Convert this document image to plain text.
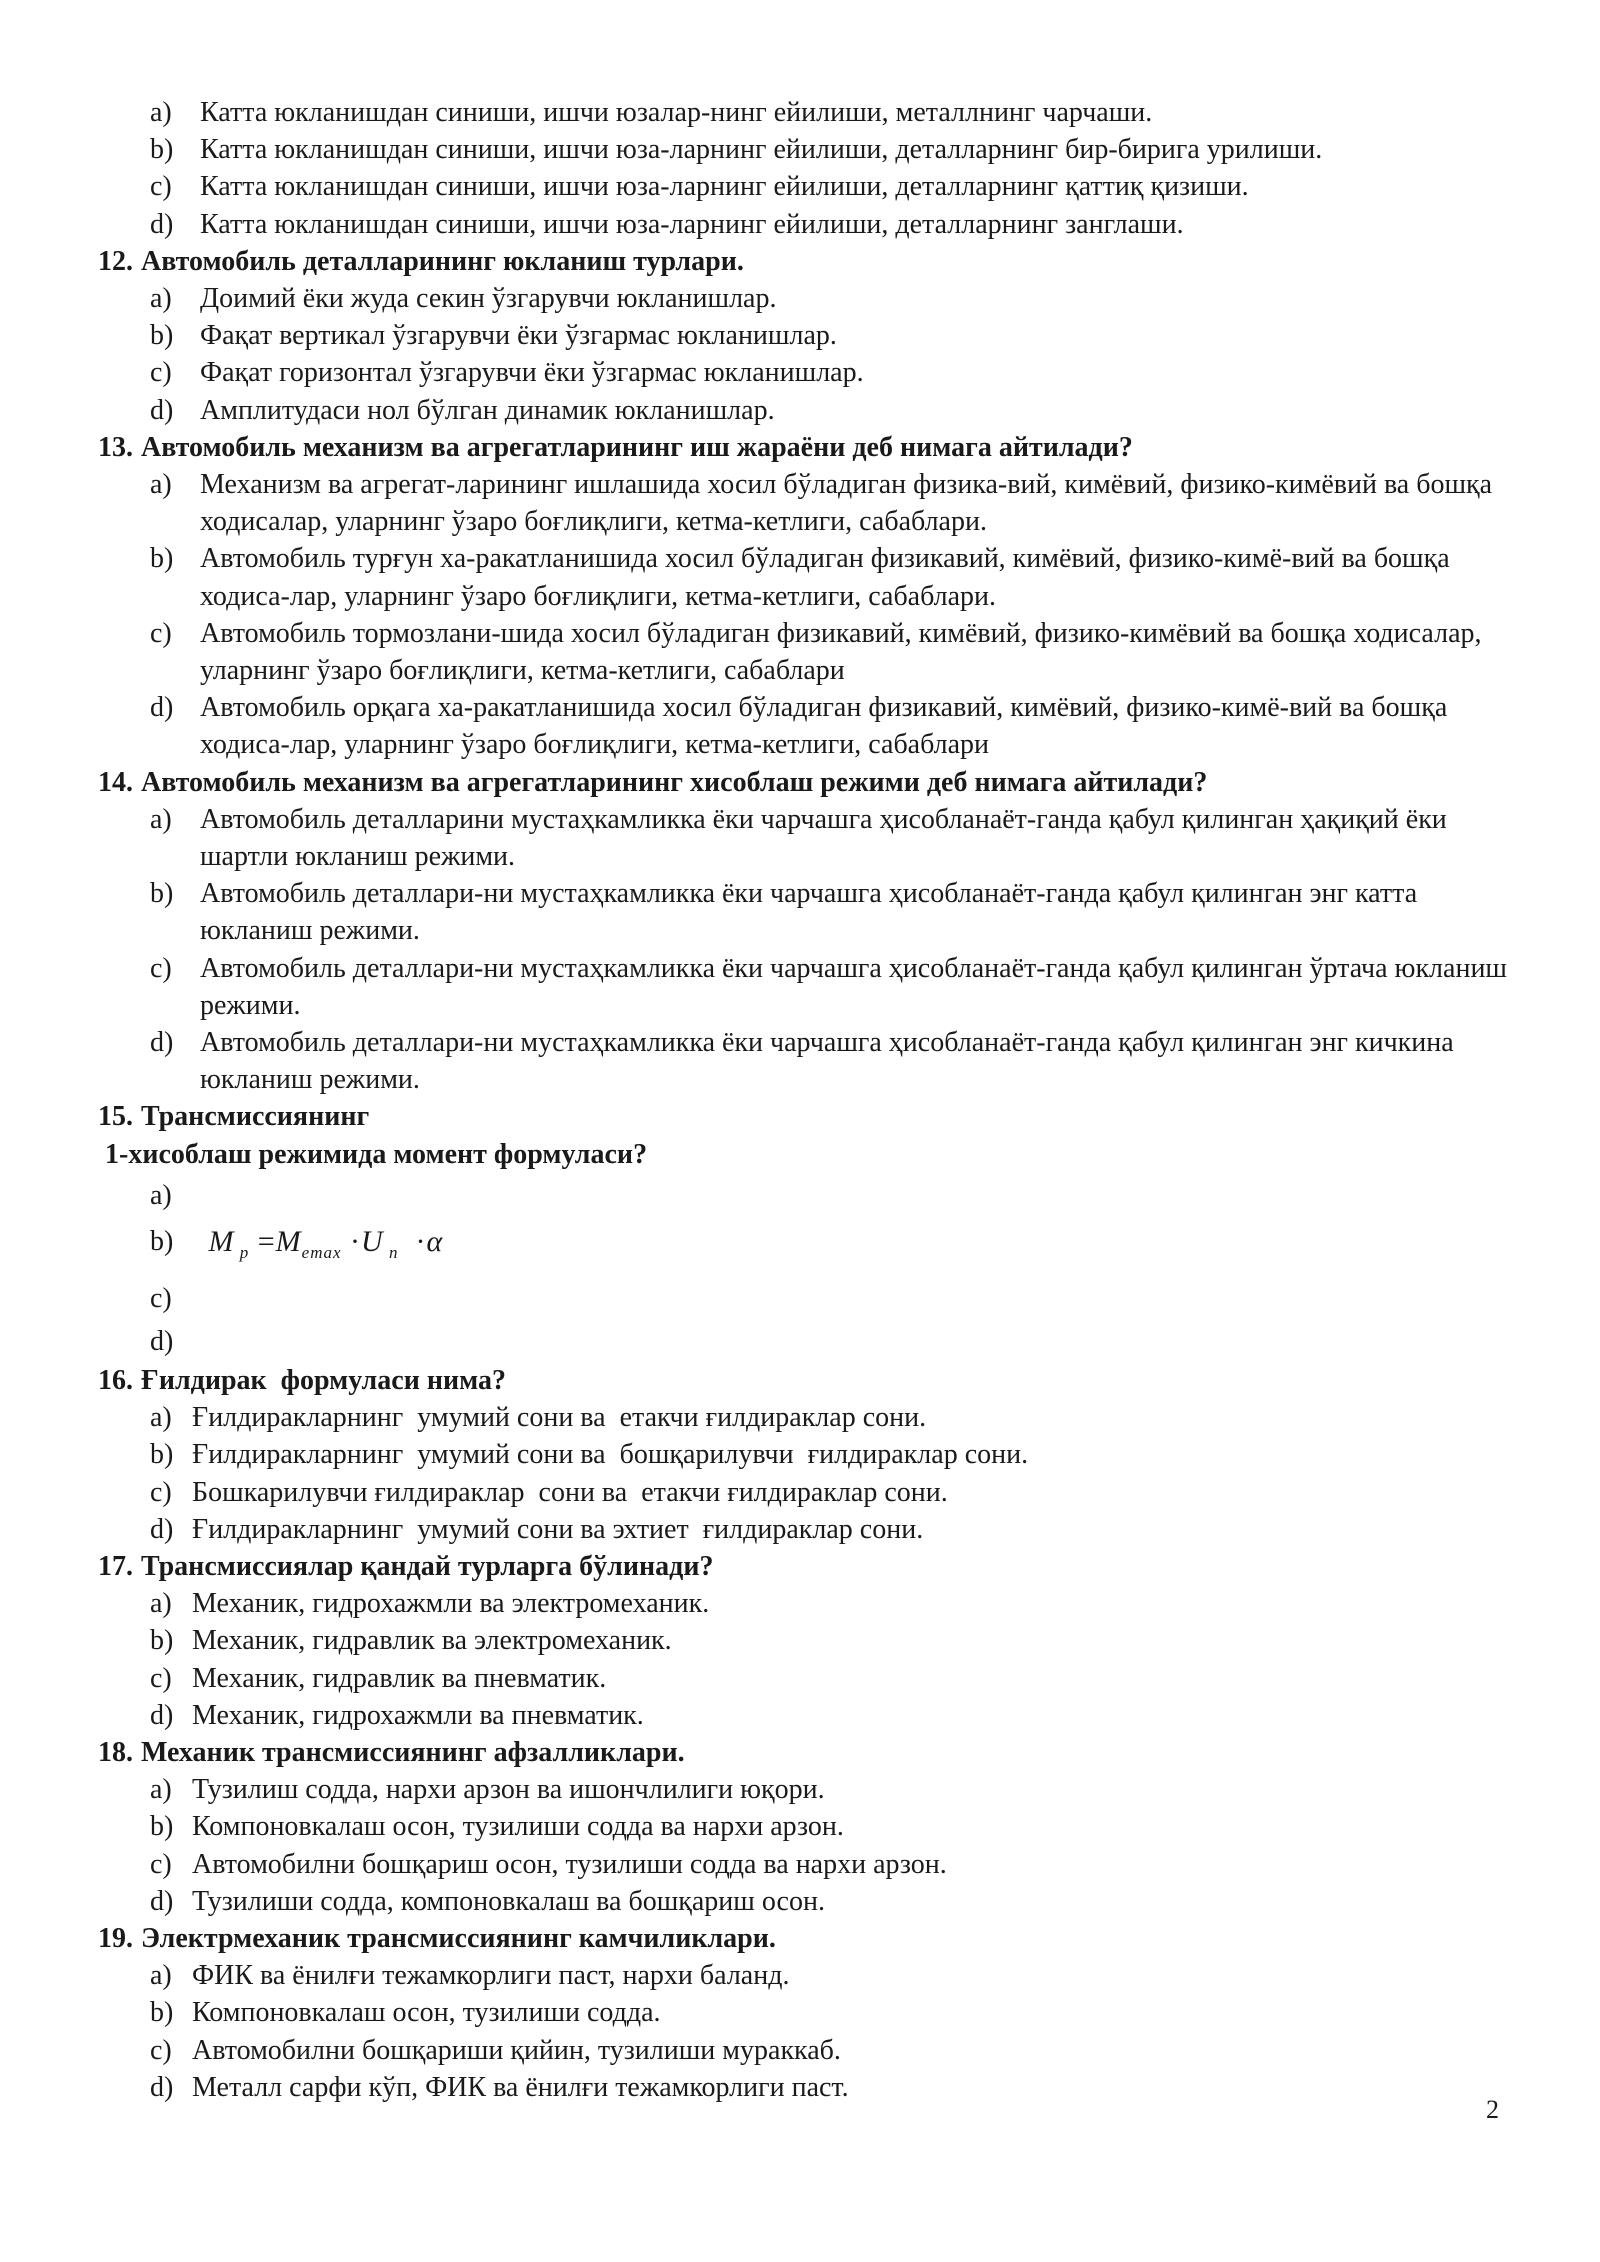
a)	Катта юкланишдан синиши, ишчи юзалар-нинг ейилиши, металлнинг чарчаши.
b) Катта юкланишдан синиши, ишчи юза-ларнинг ейилиши, деталларнинг бир-бирига урилиши.
c)	Катта юкланишдан синиши, ишчи юза-ларнинг ейилиши, деталларнинг қаттиқ қизиши.
d) Катта юкланишдан синиши, ишчи юза-ларнинг ейилиши, деталларнинг занглаши.
12. Автомобиль деталларининг юкланиш турлари.
a)	Доимий ёки жуда секин ўзгарувчи юкланишлар.
b) Фақат вертикал ўзгарувчи ёки ўзгармас юкланишлар.
c)	Фақат горизонтал ўзгарувчи ёки ўзгармас юкланишлар.
d) Амплитудаси нол бўлган динамик юкланишлар.
13. Автомобиль механизм ва агрегатларининг иш жараёни деб нимага айтилади?
a)	Механизм ва агрегат-ларининг ишлашида хосил бўладиган физика-вий, кимёвий, физико-кимёвий ва бошқа ходисалар, уларнинг ўзаро боғлиқлиги, кетма-кетлиги, сабаблари.
b) Автомобиль турғун ха-ракатланишида хосил бўладиган физикавий, кимёвий, физико-кимё-вий ва бошқа ходиса-лар, уларнинг ўзаро боғлиқлиги, кетма-кетлиги, сабаблари.
c)	Автомобиль тормозлани-шида хосил бўладиган физикавий, кимёвий, физико-кимёвий ва бошқа ходисалар, уларнинг ўзаро боғлиқлиги, кетма-кетлиги, сабаблари
d) Автомобиль орқага ха-ракатланишида хосил бўладиган физикавий, кимёвий, физико-кимё-вий ва бошқа ходиса-лар, уларнинг ўзаро боғлиқлиги, кетма-кетлиги, сабаблари
14. Автомобиль механизм ва агрегатларининг хисоблаш режими деб нимага айтилади?
a)	Автомобиль деталларини мустаҳкамликка ёки чарчашга ҳисобланаёт-ганда қабул қилинган ҳақиқий ёки шартли юкланиш режими.
b) Автомобиль деталлари-ни мустаҳкамликка ёки чарчашга ҳисобланаёт-ганда қабул қилинган энг катта юкланиш режими.
c)	Автомобиль деталлари-ни мустаҳкамликка ёки чарчашга ҳисобланаёт-ганда қабул қилинган ўртача юкланиш режими.
d) Автомобиль деталлари-ни мустаҳкамликка ёки чарчашга ҳисобланаёт-ганда қабул қилинган энг кичкина юкланиш режими.
15. Трансмиссиянинг
1-хисоблаш режимида момент формуласи?
a)
b)	M $_p =M_{emax} \cdot U$ $_n$ ·α
c)
d)
16. Ғилдирак  формуласи нима?
a) Ғилдиракларнинг  умумий сони ва  етакчи ғилдираклар сони.
b) Ғилдиракларнинг  умумий сони ва  бошқарилувчи  ғилдираклар сони.
c) Бошкарилувчи ғилдираклар  сони ва  етакчи ғилдираклар сони.
d) Ғилдиракларнинг  умумий сони ва эхтиет  ғилдираклар сони.
17. Трансмиссиялар қандай турларга бўлинади?
a) Механик, гидрохажмли ва электромеханик.
b) Механик, гидравлик ва электромеханик.
c) Механик, гидравлик ва пневматик.
d) Механик, гидрохажмли ва пневматик.
18. Механик трансмиссиянинг афзалликлари.
a) Тузилиш содда, нархи арзон ва ишончлилиги юқори.
b) Компоновкалаш осон, тузилиши содда ва нархи арзон.
c) Автомобилни бошқариш осон, тузилиши содда ва нархи арзон.
d) Тузилиши содда, компоновкалаш ва бошқариш осон.
19. Электрмеханик трансмиссиянинг камчиликлари.
a) ФИК ва ёнилғи тежамкорлиги паст, нархи баланд.
b) Компоновкалаш осон, тузилиши содда.
c) Автомобилни бошқариши қийин, тузилиши мураккаб.
d) Металл сарфи кўп, ФИК ва ёнилғи тежамкорлиги паст.
2
